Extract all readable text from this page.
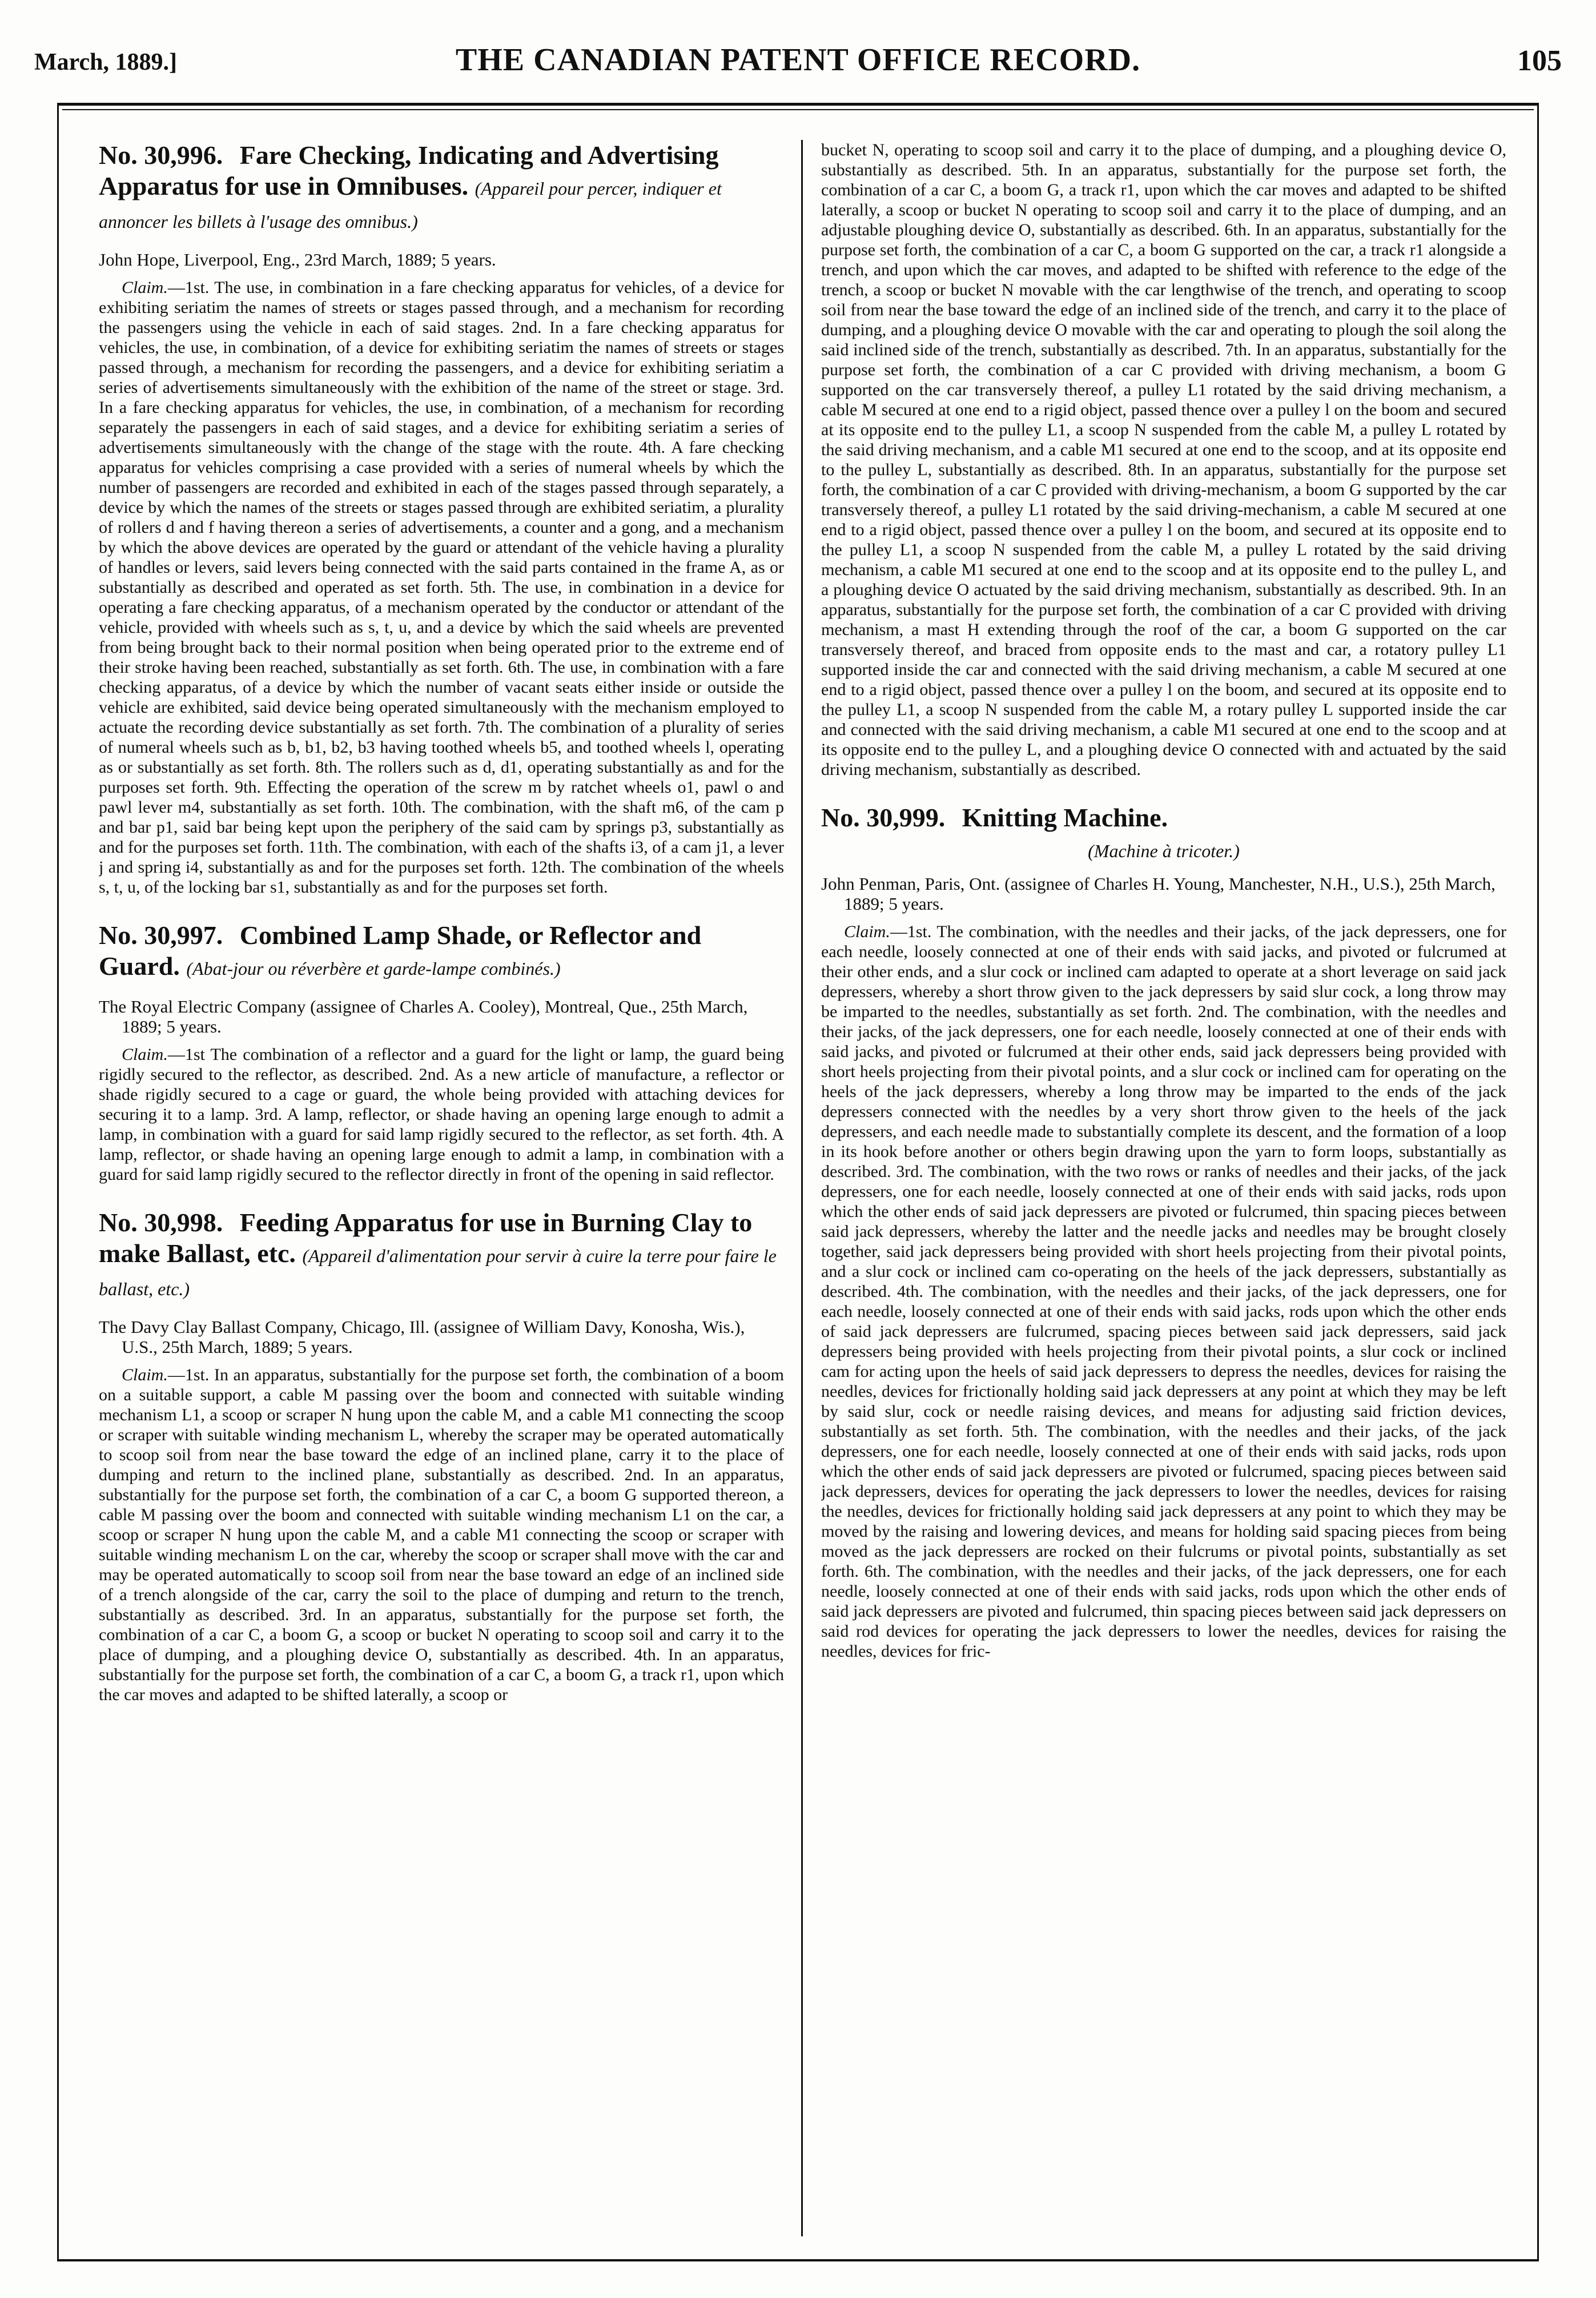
March, 1889.]	THE CANADIAN PATENT OFFICE RECORD.	105
No. 30,996. Fare Checking, Indicating and Advertising Apparatus for use in Omnibuses. (Appareil pour percer, indiquer et annoncer les billets à l'usage des omnibus.)

John Hope, Liverpool, Eng., 23rd March, 1889; 5 years.

Claim.—1st. The use, in combination in a fare checking apparatus for vehicles, of a device for exhibiting seriatim the names of streets or stages passed through, and a mechanism for recording the passengers using the vehicle in each of said stages. 2nd. In a fare checking apparatus for vehicles, the use, in combination, of a device for exhibiting seriatim the names of streets or stages passed through, a mechanism for recording the passengers, and a device for exhibiting seriatim a series of advertisements simultaneously with the exhibition of the name of the street or stage. 3rd. In a fare checking apparatus for vehicles, the use, in combination, of a mechanism for recording separately the passengers in each of said stages, and a device for exhibiting seriatim a series of advertisements simultaneously with the change of the stage with the route. 4th. A fare checking apparatus for vehicles comprising a case provided with a series of numeral wheels by which the number of passengers are recorded and exhibited in each of the stages passed through separately, a device by which the names of the streets or stages passed through are exhibited seriatim, a plurality of rollers d and f having thereon a series of advertisements, a counter and a gong, and a mechanism by which the above devices are operated by the guard or attendant of the vehicle having a plurality of handles or levers, said levers being connected with the said parts contained in the frame A, as or substantially as described and operated as set forth. 5th. The use, in combination in a device for operating a fare checking apparatus, of a mechanism operated by the conductor or attendant of the vehicle, provided with wheels such as s, t, u, and a device by which the said wheels are prevented from being brought back to their normal position when being operated prior to the extreme end of their stroke having been reached, substantially as set forth. 6th. The use, in combination with a fare checking apparatus, of a device by which the number of vacant seats either inside or outside the vehicle are exhibited, said device being operated simultaneously with the mechanism employed to actuate the recording device substantially as set forth. 7th. The combination of a plurality of series of numeral wheels such as b, b1, b2, b3 having toothed wheels b5, and toothed wheels l, operating as or substantially as set forth. 8th. The rollers such as d, d1, operating substantially as and for the purposes set forth. 9th. Effecting the operation of the screw m by ratchet wheels o1, pawl o and pawl lever m4, substantially as set forth. 10th. The combination, with the shaft m6, of the cam p and bar p1, said bar being kept upon the periphery of the said cam by springs p3, substantially as and for the purposes set forth. 11th. The combination, with each of the shafts i3, of a cam j1, a lever j and spring i4, substantially as and for the purposes set forth. 12th. The combination of the wheels s, t, u, of the locking bar s1, substantially as and for the purposes set forth.

No. 30,997. Combined Lamp Shade, or Reflector and Guard. (Abat-jour ou réverbère et garde-lampe combinés.)

The Royal Electric Company (assignee of Charles A. Cooley), Montreal, Que., 25th March, 1889; 5 years.

Claim.—1st The combination of a reflector and a guard for the light or lamp, the guard being rigidly secured to the reflector, as described. 2nd. As a new article of manufacture, a reflector or shade rigidly secured to a cage or guard, the whole being provided with attaching devices for securing it to a lamp. 3rd. A lamp, reflector, or shade having an opening large enough to admit a lamp, in combination with a guard for said lamp rigidly secured to the reflector, as set forth. 4th. A lamp, reflector, or shade having an opening large enough to admit a lamp, in combination with a guard for said lamp rigidly secured to the reflector directly in front of the opening in said reflector.

No. 30,998. Feeding Apparatus for use in Burning Clay to make Ballast, etc. (Appareil d'alimentation pour servir à cuire la terre pour faire le ballast, etc.)

The Davy Clay Ballast Company, Chicago, Ill. (assignee of William Davy, Konosha, Wis.), U.S., 25th March, 1889; 5 years.

Claim.—1st. In an apparatus, substantially for the purpose set forth, the combination of a boom on a suitable support, a cable M passing over the boom and connected with suitable winding mechanism L1, a scoop or scraper N hung upon the cable M, and a cable M1 connecting the scoop or scraper with suitable winding mechanism L, whereby the scraper may be operated automatically to scoop soil from near the base toward the edge of an inclined plane, carry it to the place of dumping and return to the inclined plane, substantially as described. 2nd. In an apparatus, substantially for the purpose set forth, the combination of a car C, a boom G supported thereon, a cable M passing over the boom and connected with suitable winding mechanism L1 on the car, a scoop or scraper N hung upon the cable M, and a cable M1 connecting the scoop or scraper with suitable winding mechanism L on the car, whereby the scoop or scraper shall move with the car and may be operated automatically to scoop soil from near the base toward an edge of an inclined side of a trench alongside of the car, carry the soil to the place of dumping and return to the trench, substantially as described. 3rd. In an apparatus, substantially for the purpose set forth, the combination of a car C, a boom G, a scoop or bucket N operating to scoop soil and carry it to the place of dumping, and a ploughing device O, substantially as described. 4th. In an apparatus, substantially for the purpose set forth, the combination of a car C, a boom G, a track r1, upon which the car moves and adapted to be shifted laterally, a scoop or

bucket N, operating to scoop soil and carry it to the place of dumping, and a ploughing device O, substantially as described. 5th. In an apparatus, substantially for the purpose set forth, the combination of a car C, a boom G, a track r1, upon which the car moves and adapted to be shifted laterally, a scoop or bucket N operating to scoop soil and carry it to the place of dumping, and an adjustable ploughing device O, substantially as described. 6th. In an apparatus, substantially for the purpose set forth, the combination of a car C, a boom G supported on the car, a track r1 alongside a trench, and upon which the car moves, and adapted to be shifted with reference to the edge of the trench, a scoop or bucket N movable with the car lengthwise of the trench, and operating to scoop soil from near the base toward the edge of an inclined side of the trench, and carry it to the place of dumping, and a ploughing device O movable with the car and operating to plough the soil along the said inclined side of the trench, substantially as described. 7th. In an apparatus, substantially for the purpose set forth, the combination of a car C provided with driving mechanism, a boom G supported on the car transversely thereof, a pulley L1 rotated by the said driving mechanism, a cable M secured at one end to a rigid object, passed thence over a pulley l on the boom and secured at its opposite end to the pulley L1, a scoop N suspended from the cable M, a pulley L rotated by the said driving mechanism, and a cable M1 secured at one end to the scoop, and at its opposite end to the pulley L, substantially as described. 8th. In an apparatus, substantially for the purpose set forth, the combination of a car C provided with driving-mechanism, a boom G supported by the car transversely thereof, a pulley L1 rotated by the said driving-mechanism, a cable M secured at one end to a rigid object, passed thence over a pulley l on the boom, and secured at its opposite end to the pulley L1, a scoop N suspended from the cable M, a pulley L rotated by the said driving mechanism, a cable M1 secured at one end to the scoop and at its opposite end to the pulley L, and a ploughing device O actuated by the said driving mechanism, substantially as described. 9th. In an apparatus, substantially for the purpose set forth, the combination of a car C provided with driving mechanism, a mast H extending through the roof of the car, a boom G supported on the car transversely thereof, and braced from opposite ends to the mast and car, a rotatory pulley L1 supported inside the car and connected with the said driving mechanism, a cable M secured at one end to a rigid object, passed thence over a pulley l on the boom, and secured at its opposite end to the pulley L1, a scoop N suspended from the cable M, a rotary pulley L supported inside the car and connected with the said driving mechanism, a cable M1 secured at one end to the scoop and at its opposite end to the pulley L, and a ploughing device O connected with and actuated by the said driving mechanism, substantially as described.

No. 30,999. Knitting Machine.
(Machine à tricoter.)

John Penman, Paris, Ont. (assignee of Charles H. Young, Manchester, N.H., U.S.), 25th March, 1889; 5 years.

Claim.—1st. The combination, with the needles and their jacks, of the jack depressers, one for each needle, loosely connected at one of their ends with said jacks, and pivoted or fulcrumed at their other ends, and a slur cock or inclined cam adapted to operate at a short leverage on said jack depressers, whereby a short throw given to the jack depressers by said slur cock, a long throw may be imparted to the needles, substantially as set forth. 2nd. The combination, with the needles and their jacks, of the jack depressers, one for each needle, loosely connected at one of their ends with said jacks, and pivoted or fulcrumed at their other ends, said jack depressers being provided with short heels projecting from their pivotal points, and a slur cock or inclined cam for operating on the heels of the jack depressers, whereby a long throw may be imparted to the ends of the jack depressers connected with the needles by a very short throw given to the heels of the jack depressers, and each needle made to substantially complete its descent, and the formation of a loop in its hook before another or others begin drawing upon the yarn to form loops, substantially as described. 3rd. The combination, with the two rows or ranks of needles and their jacks, of the jack depressers, one for each needle, loosely connected at one of their ends with said jacks, rods upon which the other ends of said jack depressers are pivoted or fulcrumed, thin spacing pieces between said jack depressers, whereby the latter and the needle jacks and needles may be brought closely together, said jack depressers being provided with short heels projecting from their pivotal points, and a slur cock or inclined cam co-operating on the heels of the jack depressers, substantially as described. 4th. The combination, with the needles and their jacks, of the jack depressers, one for each needle, loosely connected at one of their ends with said jacks, rods upon which the other ends of said jack depressers are fulcrumed, spacing pieces between said jack depressers, said jack depressers being provided with heels projecting from their pivotal points, a slur cock or inclined cam for acting upon the heels of said jack depressers to depress the needles, devices for raising the needles, devices for frictionally holding said jack depressers at any point at which they may be left by said slur, cock or needle raising devices, and means for adjusting said friction devices, substantially as set forth. 5th. The combination, with the needles and their jacks, of the jack depressers, one for each needle, loosely connected at one of their ends with said jacks, rods upon which the other ends of said jack depressers are pivoted or fulcrumed, spacing pieces between said jack depressers, devices for operating the jack depressers to lower the needles, devices for raising the needles, devices for frictionally holding said jack depressers at any point to which they may be moved by the raising and lowering devices, and means for holding said spacing pieces from being moved as the jack depressers are rocked on their fulcrums or pivotal points, substantially as set forth. 6th. The combination, with the needles and their jacks, of the jack depressers, one for each needle, loosely connected at one of their ends with said jacks, rods upon which the other ends of said jack depressers are pivoted and fulcrumed, thin spacing pieces between said jack depressers on said rod devices for operating the jack depressers to lower the needles, devices for raising the needles, devices for fric-
